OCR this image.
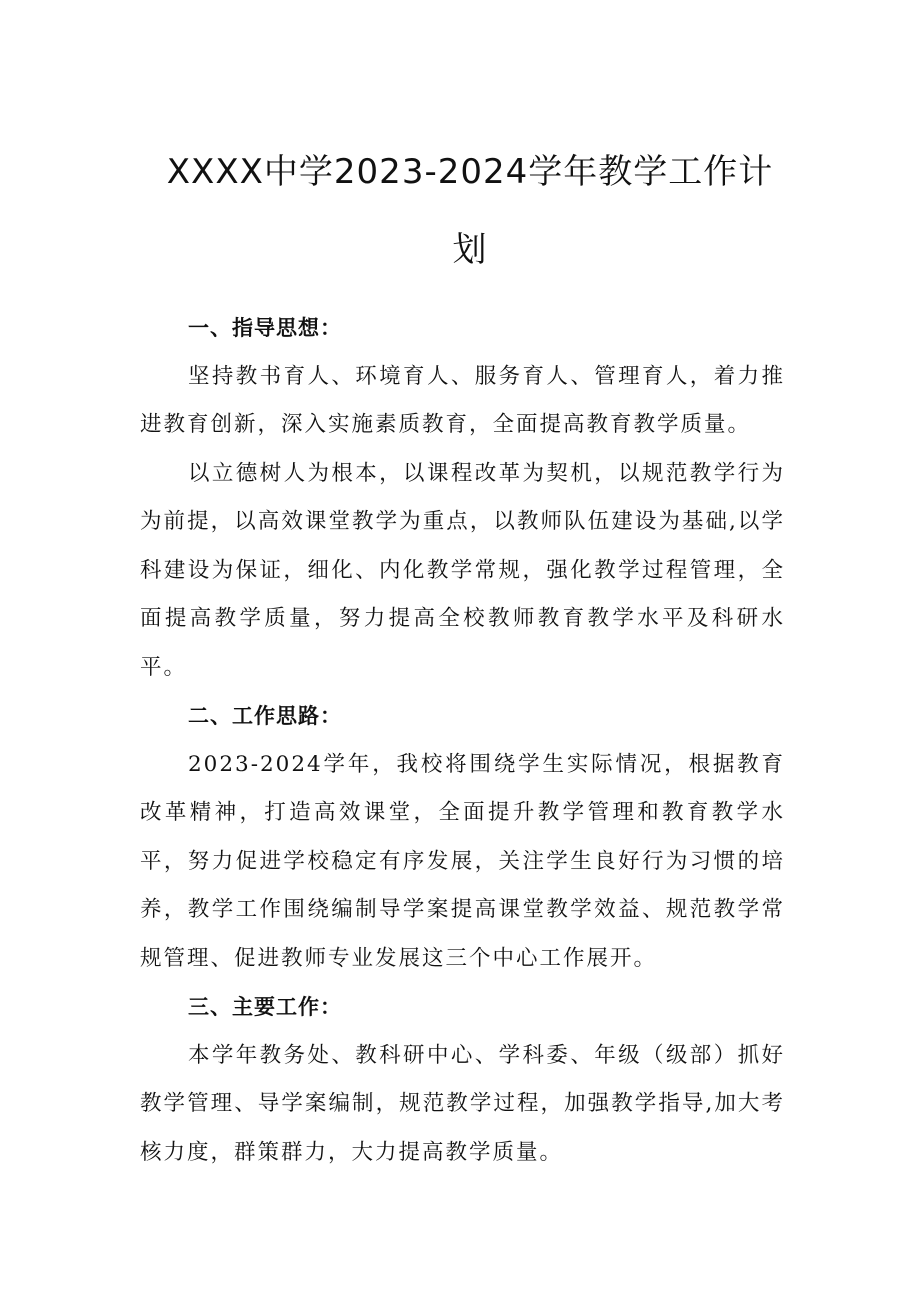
XXXX中学2023-2024学年教学工作计划

一、指导思想：

坚持教书育人、环境育人、服务育人、管理育人，着力推进教育创新，深入实施素质教育，全面提高教育教学质量。

以立德树人为根本，以课程改革为契机，以规范教学行为为前提，以高效课堂教学为重点，以教师队伍建设为基础,以学科建设为保证，细化、内化教学常规，强化教学过程管理，全面提高教学质量，努力提高全校教师教育教学水平及科研水平。

二、工作思路：

2023-2024学年，我校将围绕学生实际情况，根据教育改革精神，打造高效课堂，全面提升教学管理和教育教学水平，努力促进学校稳定有序发展，关注学生良好行为习惯的培养，教学工作围绕编制导学案提高课堂教学效益、规范教学常规管理、促进教师专业发展这三个中心工作展开。

三、主要工作：

本学年教务处、教科研中心、学科委、年级（级部）抓好教学管理、导学案编制，规范教学过程，加强教学指导,加大考核力度，群策群力，大力提高教学质量。
